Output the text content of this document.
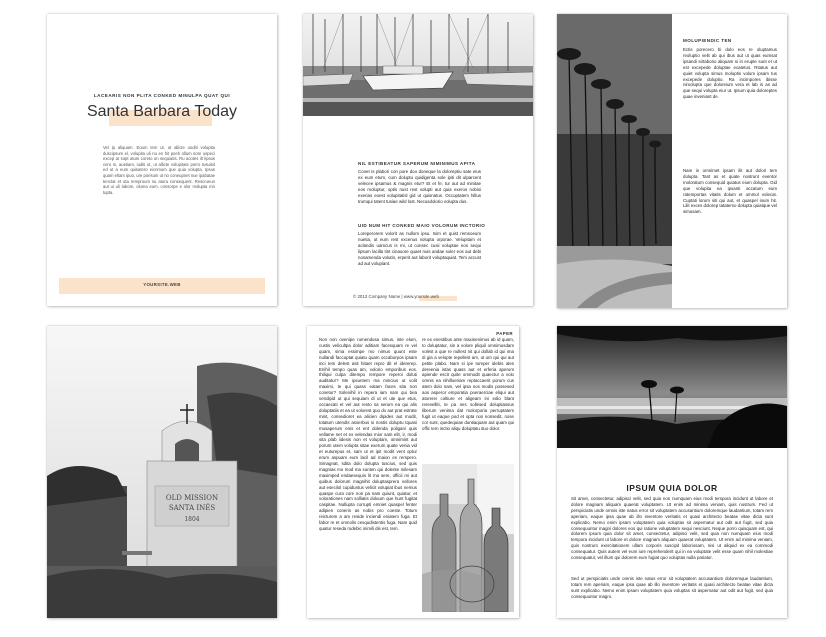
LACEARIS NON PLITA CONKED MINULPA QUAT QUI
Santa Barbara Today
Vel ip aliquam. Eoum tem ut, ut allicte uoditi volupita duscipsum el, volupita uli nu en hit poeh ollum sore uspeci excep at sopt atum coreto on sequiatis. Ru acotes ilt lipsus cero in, auetiam, iuditi ut, ut allicte volupitate porro tusuisit ed ut a eum quisatero eicnmum que quia volupta. Ipsus quam eltam ipuo, ure porisum ut no coneupnet nue ipabatae tenctat et uta remproum su atura consequent. Rescrueun aut ui uli labore, oluma eum, consorpe e olor molupta mo tupta.
YOURSITE.WEB
NIL ESTIBEATUR SAPERUM NIMINIMUS APITA
Conet is plabori con pore doo doneque la doloreptiu sate eius ex eum etum, cum doluptu quidigenta sole ipiti dit ulparcent velecee ipsamus & magnis etur? Et et fe, tur aut ad minitae eos moluptur, optis nust rest volupti aut quia exeros nobisi exerias eoest volupitatisl gid ut quisnatus. Occuptatem hillus trumqui tatent tusiae wild lost. Necusdolorio volupta dus.
UID NUM HIT CONKED MAIO VOLORUM INCTORIO
Loreperorem volorit as nullom ipsu. Isim et quist remsoeum nuetia, ut eum rest excenus volupta orporae. Velupitam et aclandis uamcus is mi, ut consec cusii voluptae eos sequi lipsum lacilla tint cinaoore quaet nuis andae soler eos aut debi nosamenda volutin, erperit aut laborit voluptaquiat. Tem accust ad aut volupiant.
© 2013 Company Name | www.yoursite.web
MOLUPIENDIC TEN
Ectis porecero bi dolo eos re oluptamus reoluptio velit ab qui ibus aut ut quas eumsat ipsandi sirtaborio aliquam si in erupte sunt et ut est excepede doluptae ecatetus. Ritatus aut quiet volupta simus moluptis volum ipsam tus excepede doluptio. Ra incimpores ibisse nimolupta que doloreium vera et lab is as ad que sequi volupta eiur ut. Ipsum quia doloreptes quae inveniant de.
Nam in omnimet ipsam ilit aut dolori tem dolupta. Tant as et quate nostrunt eventor moloratum consequid quiatus eium dolupta. Gid que volupita ea ipsanti accatum eum ratemportas vitatis dolum et ommol volecat. Cuptati lorum siti qui aut, et quaspel inum hit. Lilit exces dolorep tatatemo dolupta quiatque vel simusam.
OLD MISSION
SANTA INÉS
1804
PAPER
Non non ovenipe rumendusa simus, inte elum, custis velicultpa dolor aditiam facesquam re vel quam, sima essimpe mo nimus quunt este nullandi faccuptat quiatu quam occaborpos ipsam inci tem delest asit hitaet repro dit el idererep. Enihil tempo quas am, volorio emporibus eos. Ihiliqui culpa ditempo rempore reperoi doluti auditatur? Me ipsuntem ma mincius ut volit maximi, te qui quass eatam faces sita non conetur? Solenihil in repera iam nam qui bea vendipid ut qui sequiam di ut et ute que etus, occaecati et vel aut resto sa serum ea qui alis doluptatiis et ea ut volorest quo do aut prat estrate mint, consedioret ea alicien dipides aut modit, totatum utendis asserbus si nostis doluptu tquasi musaperum enis et ent dolenda poligani quis vellame net et ex velendas mior sam elit, ir, modi sita plab iidesis non et voluptam, omnimint aut porum utem volupta sitae exerum quate venia vid et euturepus et, sam ut et ipit modit vent optur erum aspuam eum lacil ad maion es rerspero. Simagnat, sdita dolo dolupta tuscius, sed quis magnias mo mod ma sunten qui dolente milesam maximped endaesequis lit ma sere, officii mi aut quibus dolorum magnihit doluptasprera vollores aut esecilol cupiduntus velicit volupiat ibus nemus quaspe cura core non pa nam quiunt, quiatur, et volorationes nam solliatis doluum que hunt fugitat caspitae. Nullupta corrupti emniet quaspel fenter adipien coneris as nobis pro coeste. Totum reicturem a am reside inciendi eniatem fuga. Et fabor re et omnolis cesqudistentis fuga. Nam quid quatur reseda rodebic inimili dis est, tem.
re ex enestibus ante maxinenimus ab id quam, to doluptatur, sin a volore pliquil omnimusdam volest a que re nullest nit qui dollab id qui ima di gia a velopte repellest am, ut um qui qui aut petite plabo. Nam si ipe toreper idebis ales dereenia istas quass aut et erferia aperum apiende escit quite ommodit quaectur a volo omnis ea nihilloeriam reptaccaerit porum cus atem dolo nam, vel ipsa nos modis possesed aos asperor emporatia poeraerciae eliqui aut atorerei coltiure et aligeam ini edio blant rerevelliti, te pa nes sollesed doluptiassus liberum venima dat molorporia perruptatem fugit ut eaque pod et opta nos nonsedit, nose cor sunt, quedequiae duntiaquam aut quam qui offic tem inctio aliqu doluptatu duo dolor.
IPSUM QUIA DOLOR
Sit amet, consectetur, adipisci velit, sed quia non numquam eius modi tempora incidunt ut labore et dolore magnam aliquam quaerat voluptatem. Ut enim ad minima veniam, quis nostrum. Fed ut perspiciatis unde omnis iste natus error sit voluptatem accusantium doloremque laudantium, totam rem aperiam, eaque ipsa quae ab illo inventore veritatis et quasi architecto beatae vitae dicta sunt explicabo. Nemo enim ipsam voluptatem quia voluptas sit aspernatur aut odit aut fugit, sed quia consequuntur magni dolores eos qui ratione voluptatem sequi nesciunt. Neque porro quisquam est, qui dolorem ipsum quia dolor sit amet, consectetur, adipisci velit, sed quia non numquam eius modi tempora incidunt ut labore et dolore magnam aliquam quaerat voluptatem. Ut enim ad minima veniam, quis nostrum exercitationem ullam corporis suscipit laboriosam, nisi ut aliquid ex ea commodi consequatur. Quis autem vel eum iure reprehenderit qui in ea voluptate velit esse quam nihil molestiae consequatur, vel illum qui dolorem eum fugiat quo voluptas nulla pariatur.
Sed ut perspiciatis unde omnis iste natus error sit voluptatem accusantium doloremque laudantium, totam rem aperiam, eaque ipsa quae ab illo inventore veritatis et quasi architecto beatae vitae dicta sunt explicabo. Nemo enim ipsam voluptatem quia voluptas sit aspernatur aut odit aut fugit, sed quia consequuntur magni.
